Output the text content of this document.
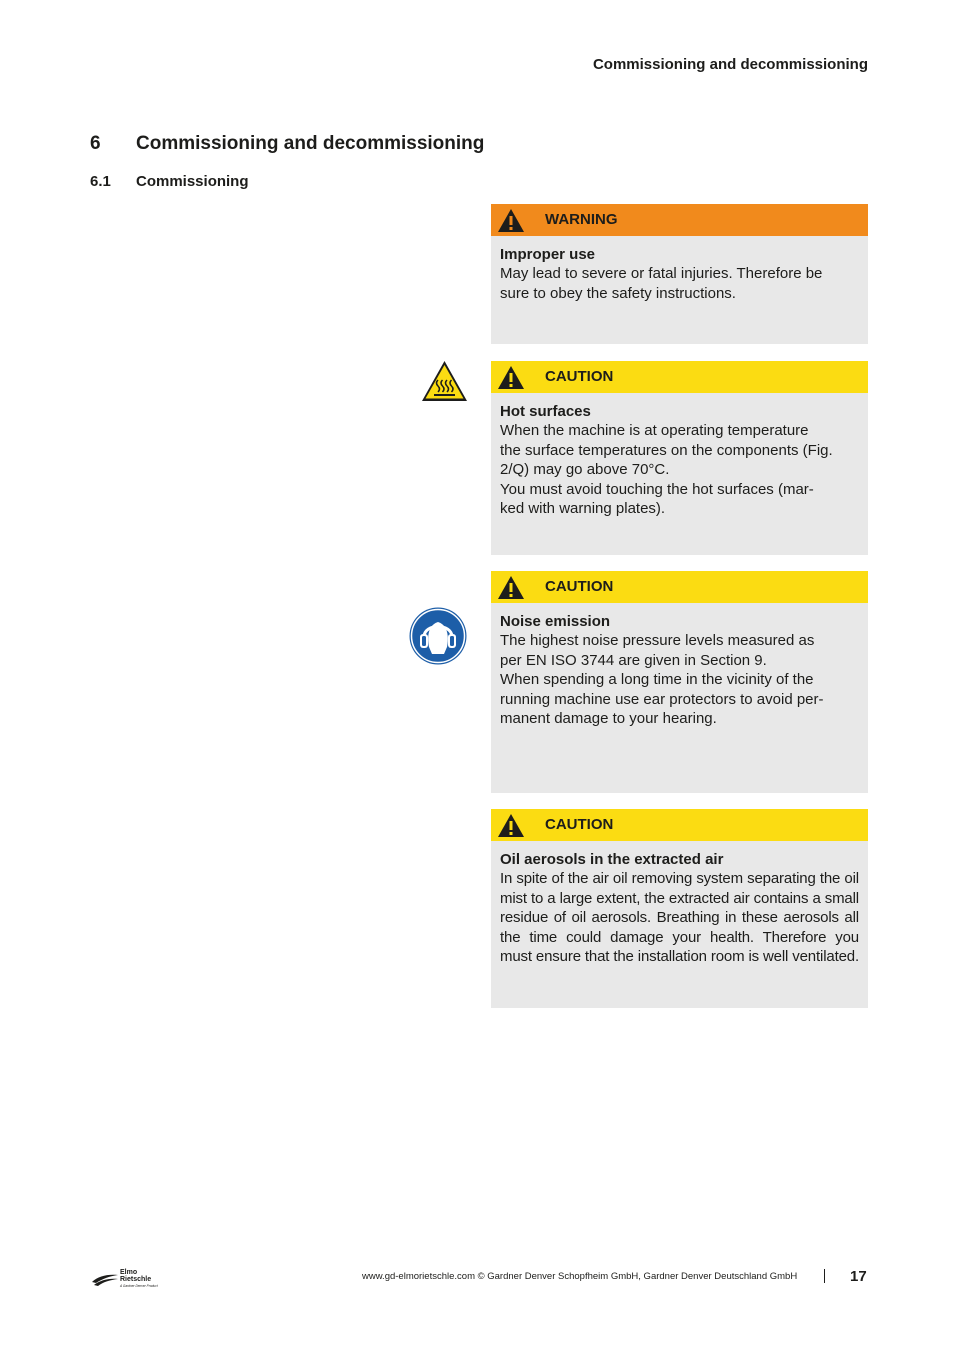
Commissioning and decommissioning
6 Commissioning and decommissioning
6.1 Commissioning
WARNING

Improper use

May lead to severe or fatal injuries. Therefore be

sure to obey the safety instructions.

CAUTION

Hot surfaces

When the machine is at operating temperature

the surface temperatures on the components (Fig.

2/Q) may go above 70°C.

You must avoid touching the hot surfaces (mar-

ked with warning plates).

CAUTION

Noise emission

The highest noise pressure levels measured as

per EN ISO 3744 are given in Section 9.

When spending a long time in the vicinity of the

running machine use ear protectors to avoid per-

manent damage to your hearing.

CAUTION

Oil aerosols in the extracted air

In spite of the air oil removing system separating the oil mist to a large extent, the extracted air contains a small residue of oil aerosols. Breathing in these aerosols all the time could damage your health. Therefore you must ensure that the installation room is well ventilated.

Elmo
Rietschle
A Gardner Denver Product
www.gd-elmorietschle.com © Gardner Denver Schopfheim GmbH, Gardner Denver Deutschland GmbH	17
